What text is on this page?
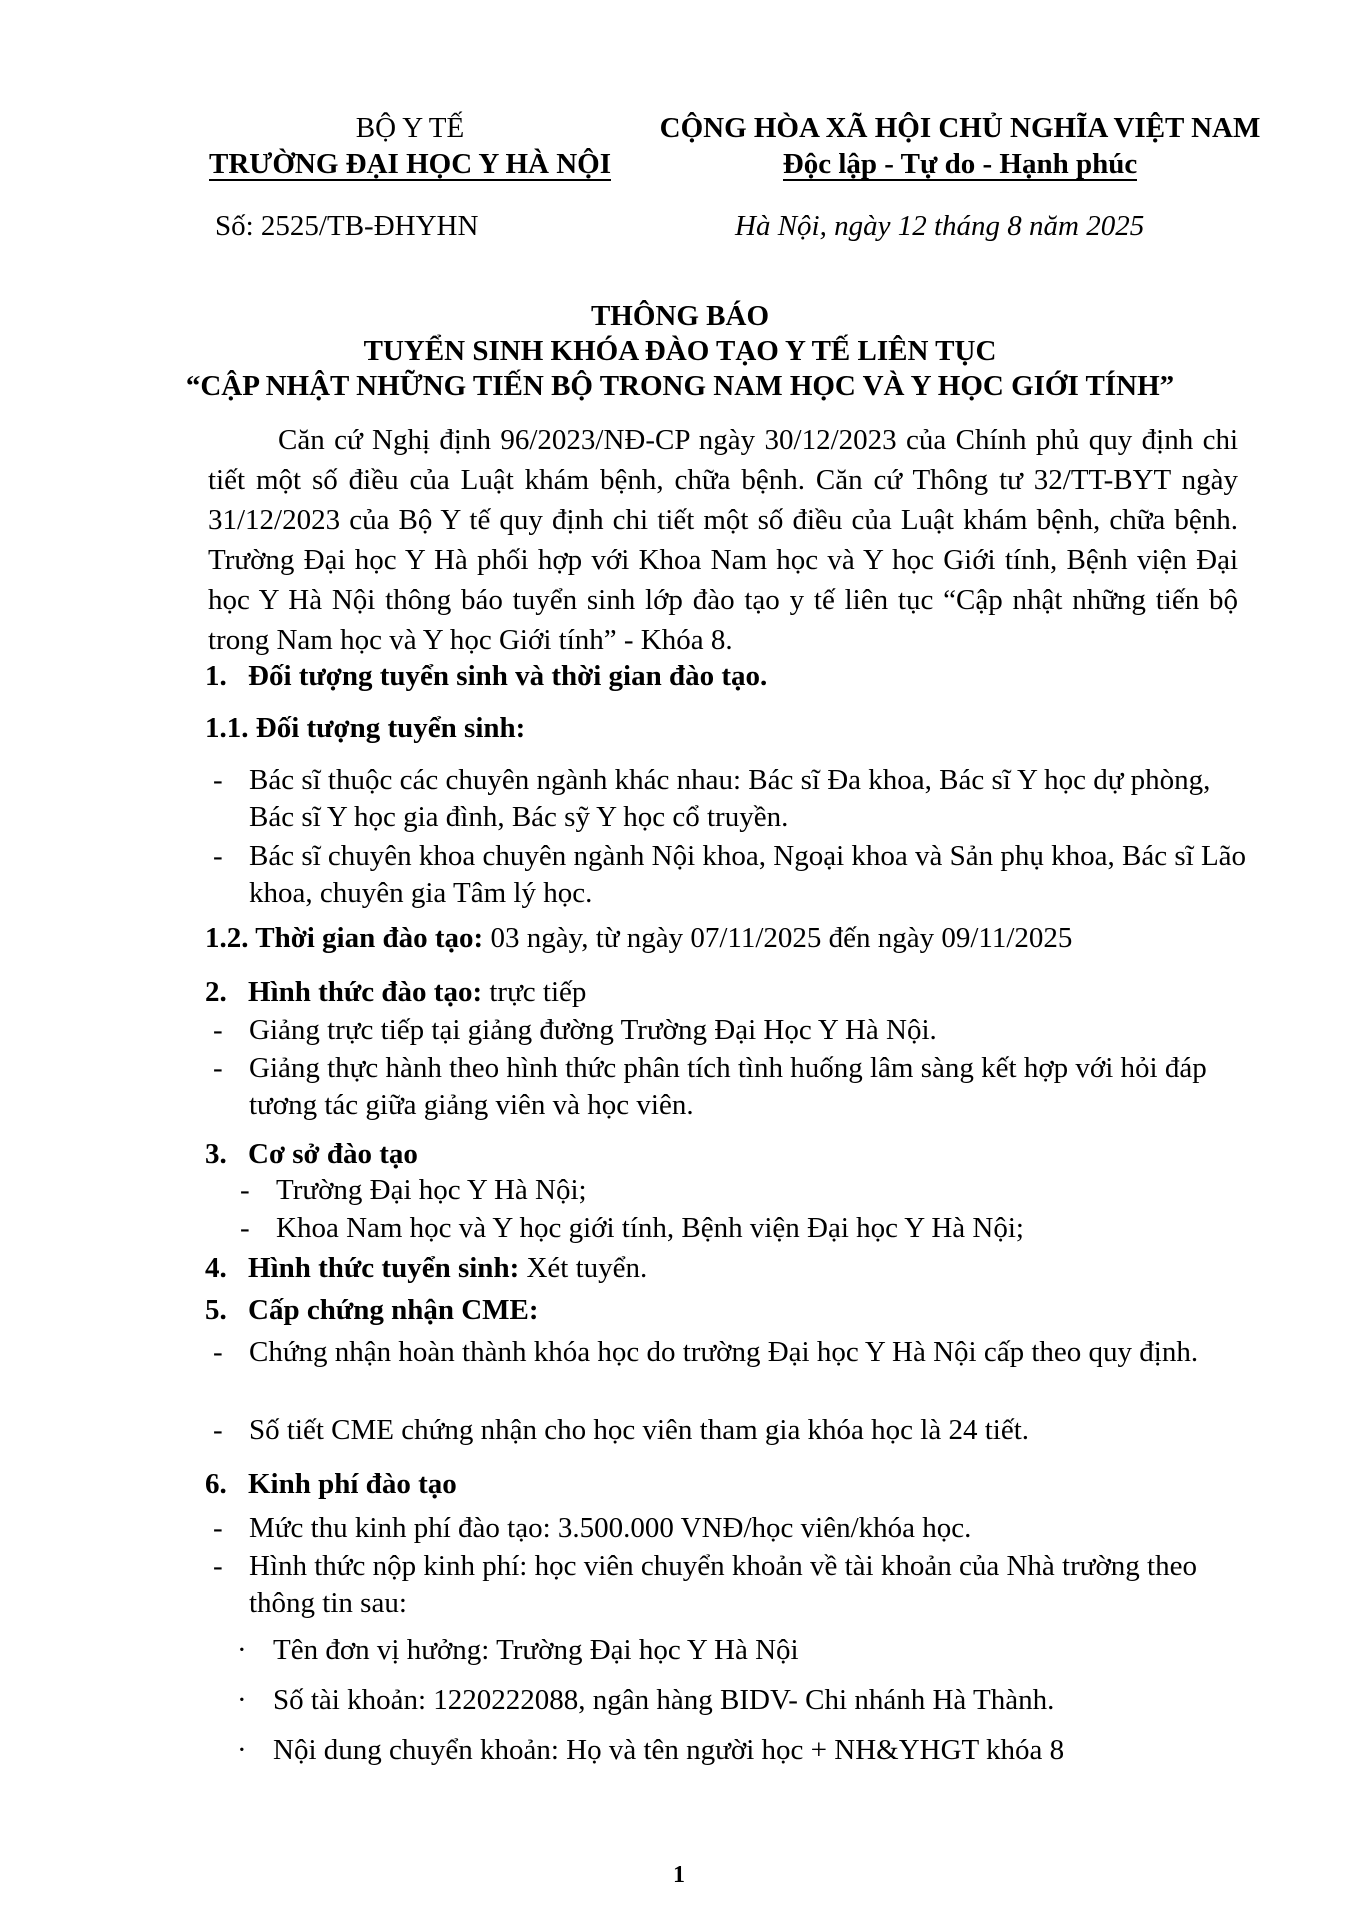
BỘ Y TẾ
TRƯỜNG ĐẠI HỌC Y HÀ NỘI
CỘNG HÒA XÃ HỘI CHỦ NGHĨA VIỆT NAM
Độc lập - Tự do - Hạnh phúc
Số: 2525/TB-ĐHYHN	Hà Nội, ngày 12 tháng 8 năm 2025
THÔNG BÁO
TUYỂN SINH KHÓA ĐÀO TẠO Y TẾ LIÊN TỤC
“CẬP NHẬT NHỮNG TIẾN BỘ TRONG NAM HỌC VÀ Y HỌC GIỚI TÍNH”
Căn cứ Nghị định 96/2023/NĐ-CP ngày 30/12/2023 của Chính phủ quy định chi tiết một số điều của Luật khám bệnh, chữa bệnh. Căn cứ Thông tư 32/TT-BYT ngày 31/12/2023 của Bộ Y tế quy định chi tiết một số điều của Luật khám bệnh, chữa bệnh. Trường Đại học Y Hà phối hợp với Khoa Nam học và Y học Giới tính, Bệnh viện Đại học Y Hà Nội thông báo tuyển sinh lớp đào tạo y tế liên tục “Cập nhật những tiến bộ trong Nam học và Y học Giới tính” - Khóa 8.
1. Đối tượng tuyển sinh và thời gian đào tạo.
1.1. Đối tượng tuyển sinh:
- Bác sĩ thuộc các chuyên ngành khác nhau: Bác sĩ Đa khoa, Bác sĩ Y học dự phòng, Bác sĩ Y học gia đình, Bác sỹ Y học cổ truyền.
- Bác sĩ chuyên khoa chuyên ngành Nội khoa, Ngoại khoa và Sản phụ khoa, Bác sĩ Lão khoa, chuyên gia Tâm lý học.
1.2. Thời gian đào tạo: 03 ngày, từ ngày 07/11/2025 đến ngày 09/11/2025
2. Hình thức đào tạo: trực tiếp
- Giảng trực tiếp tại giảng đường Trường Đại Học Y Hà Nội.
- Giảng thực hành theo hình thức phân tích tình huống lâm sàng kết hợp với hỏi đáp tương tác giữa giảng viên và học viên.
3. Cơ sở đào tạo
- Trường Đại học Y Hà Nội;
- Khoa Nam học và Y học giới tính, Bệnh viện Đại học Y Hà Nội;
4. Hình thức tuyển sinh: Xét tuyển.
5. Cấp chứng nhận CME:
- Chứng nhận hoàn thành khóa học do trường Đại học Y Hà Nội cấp theo quy định.
- Số tiết CME chứng nhận cho học viên tham gia khóa học là 24 tiết.
6. Kinh phí đào tạo
- Mức thu kinh phí đào tạo: 3.500.000 VNĐ/học viên/khóa học.
- Hình thức nộp kinh phí: học viên chuyển khoản về tài khoản của Nhà trường theo thông tin sau:
· Tên đơn vị hưởng: Trường Đại học Y Hà Nội
· Số tài khoản: 1220222088, ngân hàng BIDV- Chi nhánh Hà Thành.
· Nội dung chuyển khoản: Họ và tên người học + NH&YHGT khóa 8
1
